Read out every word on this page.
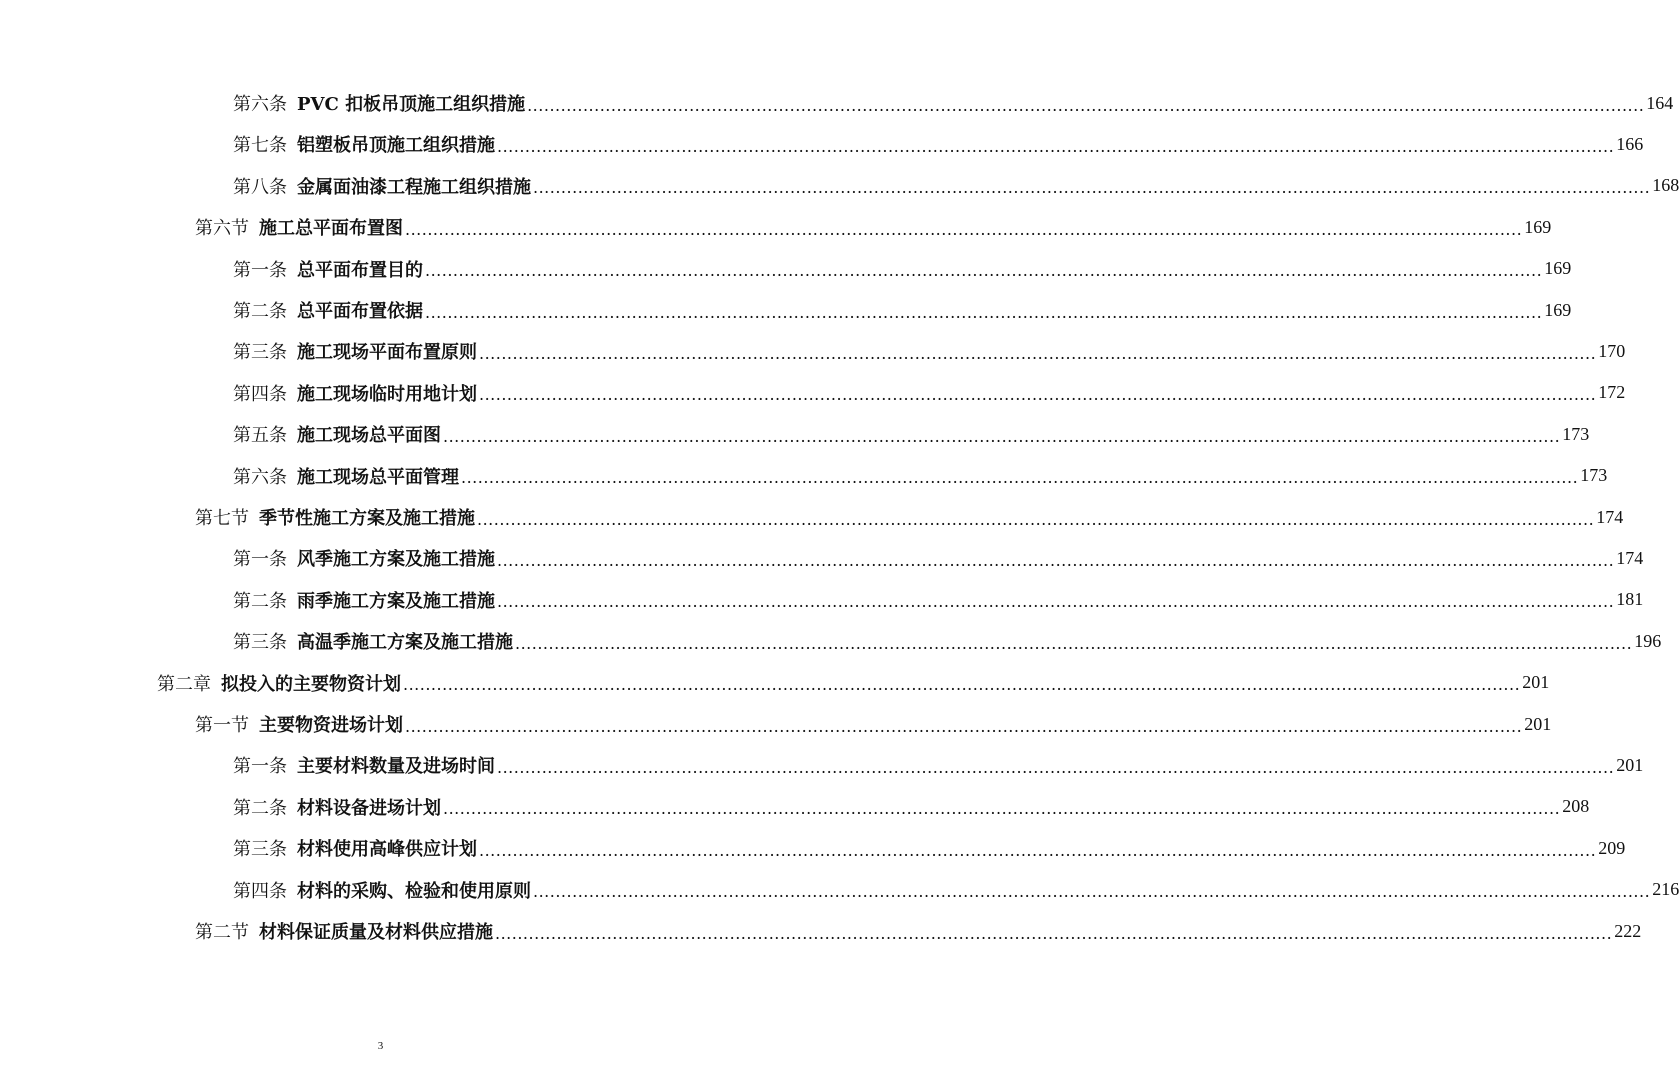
第六条 PVC 扣板吊顶施工组织措施 ........................................................................................................................................................................................................ 164
第七条 铝塑板吊顶施工组织措施 ........................................................................................................................................................................................................ 166
第八条 金属面油漆工程施工组织措施 ........................................................................................................................................................................................................ 168
第六节 施工总平面布置图 ........................................................................................................................................................................................................ 169
第一条 总平面布置目的 ........................................................................................................................................................................................................ 169
第二条 总平面布置依据 ........................................................................................................................................................................................................ 169
第三条 施工现场平面布置原则 ........................................................................................................................................................................................................ 170
第四条 施工现场临时用地计划 ........................................................................................................................................................................................................ 172
第五条 施工现场总平面图 ........................................................................................................................................................................................................ 173
第六条 施工现场总平面管理 ........................................................................................................................................................................................................ 173
第七节 季节性施工方案及施工措施 ........................................................................................................................................................................................................ 174
第一条 风季施工方案及施工措施 ........................................................................................................................................................................................................ 174
第二条 雨季施工方案及施工措施 ........................................................................................................................................................................................................ 181
第三条 高温季施工方案及施工措施 ........................................................................................................................................................................................................ 196
第二章 拟投入的主要物资计划 ........................................................................................................................................................................................................ 201
第一节 主要物资进场计划 ........................................................................................................................................................................................................ 201
第一条 主要材料数量及进场时间 ........................................................................................................................................................................................................ 201
第二条 材料设备进场计划 ........................................................................................................................................................................................................ 208
第三条 材料使用高峰供应计划 ........................................................................................................................................................................................................ 209
第四条 材料的采购、检验和使用原则 ........................................................................................................................................................................................................ 216
第二节 材料保证质量及材料供应措施 ........................................................................................................................................................................................................ 222
3
